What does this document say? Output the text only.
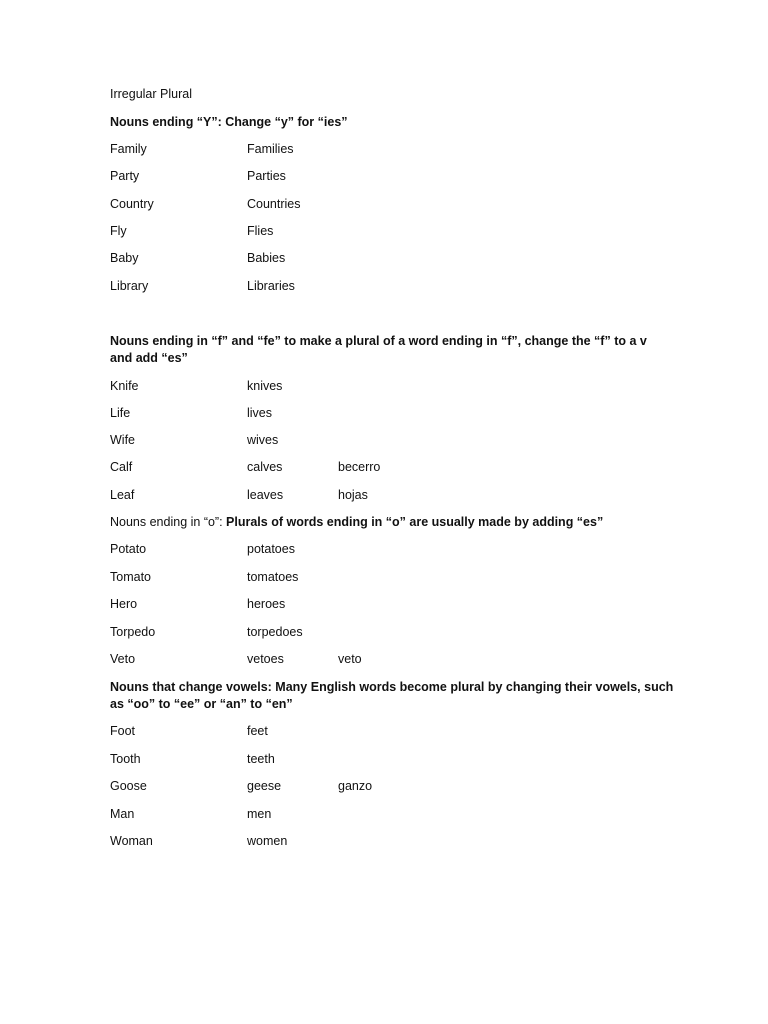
Irregular Plural
Nouns ending “Y”: Change “y” for “ies”
Family	Families
Party	Parties
Country	Countries
Fly	Flies
Baby	Babies
Library	Libraries
Nouns ending in “f” and “fe” to make a plural of a word ending in “f”, change the “f” to a v
and add “es”
Knife	knives
Life	lives
Wife	wives
Calf	calves	becerro
Leaf	leaves	hojas
Nouns ending in “o”: Plurals of words ending in “o” are usually made by adding “es”
Potato	potatoes
Tomato	tomatoes
Hero	heroes
Torpedo	torpedoes
Veto	vetoes	veto
Nouns that change vowels: Many English words become plural by changing their vowels, such
as “oo” to “ee” or “an” to “en”
Foot	feet
Tooth	teeth
Goose	geese	ganzo
Man	men
Woman	women
